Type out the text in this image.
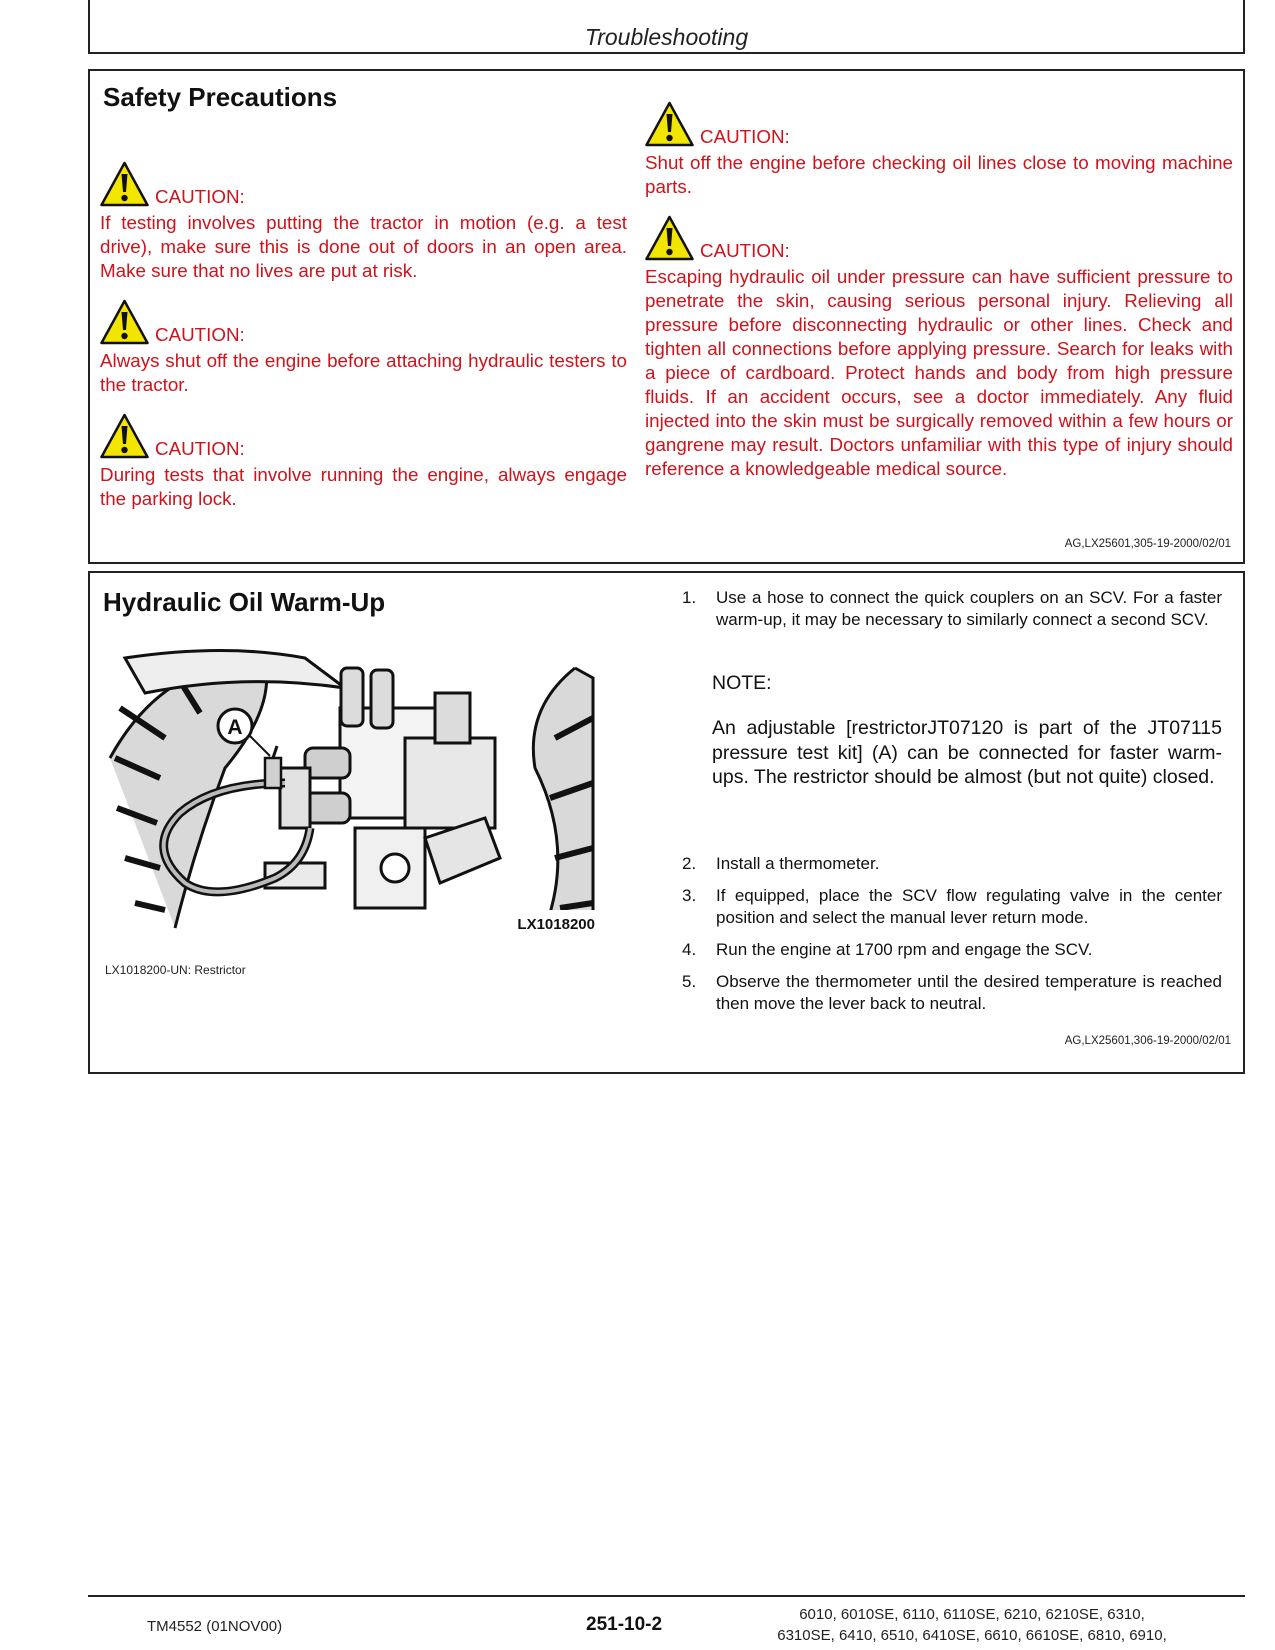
Troubleshooting
Safety Precautions
CAUTION:
If testing involves putting the tractor in motion (e.g. a test drive), make sure this is done out of doors in an open area. Make sure that no lives are put at risk.
CAUTION:
Always shut off the engine before attaching hydraulic testers to the tractor.
CAUTION:
During tests that involve running the engine, always engage the parking lock.
CAUTION:
Shut off the engine before checking oil lines close to moving machine parts.
CAUTION:
Escaping hydraulic oil under pressure can have sufficient pressure to penetrate the skin, causing serious personal injury. Relieving all pressure before disconnecting hydraulic or other lines. Check and tighten all connections before applying pressure. Search for leaks with a piece of cardboard. Protect hands and body from high pressure fluids. If an accident occurs, see a doctor immediately. Any fluid injected into the skin must be surgically removed within a few hours or gangrene may result. Doctors unfamiliar with this type of injury should reference a knowledgeable medical source.
AG,LX25601,305-19-2000/02/01
Hydraulic Oil Warm-Up
A
LX1018200
LX1018200-UN: Restrictor
1.	Use a hose to connect the quick couplers on an SCV. For a faster warm-up, it may be necessary to similarly connect a second SCV.
NOTE:
An adjustable [restrictorJT07120 is part of the JT07115 pressure test kit] (A) can be connected for faster warm-ups. The restrictor should be almost (but not quite) closed.
2.	Install a thermometer.
3.	If equipped, place the SCV flow regulating valve in the center position and select the manual lever return mode.
4.	Run the engine at 1700 rpm and engage the SCV.
5.	Observe the thermometer until the desired temperature is reached then move the lever back to neutral.
AG,LX25601,306-19-2000/02/01
TM4552 (01NOV00)	251-10-2	6010, 6010SE, 6110, 6110SE, 6210, 6210SE, 6310,
6310SE, 6410, 6510, 6410SE, 6610, 6610SE, 6810, 6910,
